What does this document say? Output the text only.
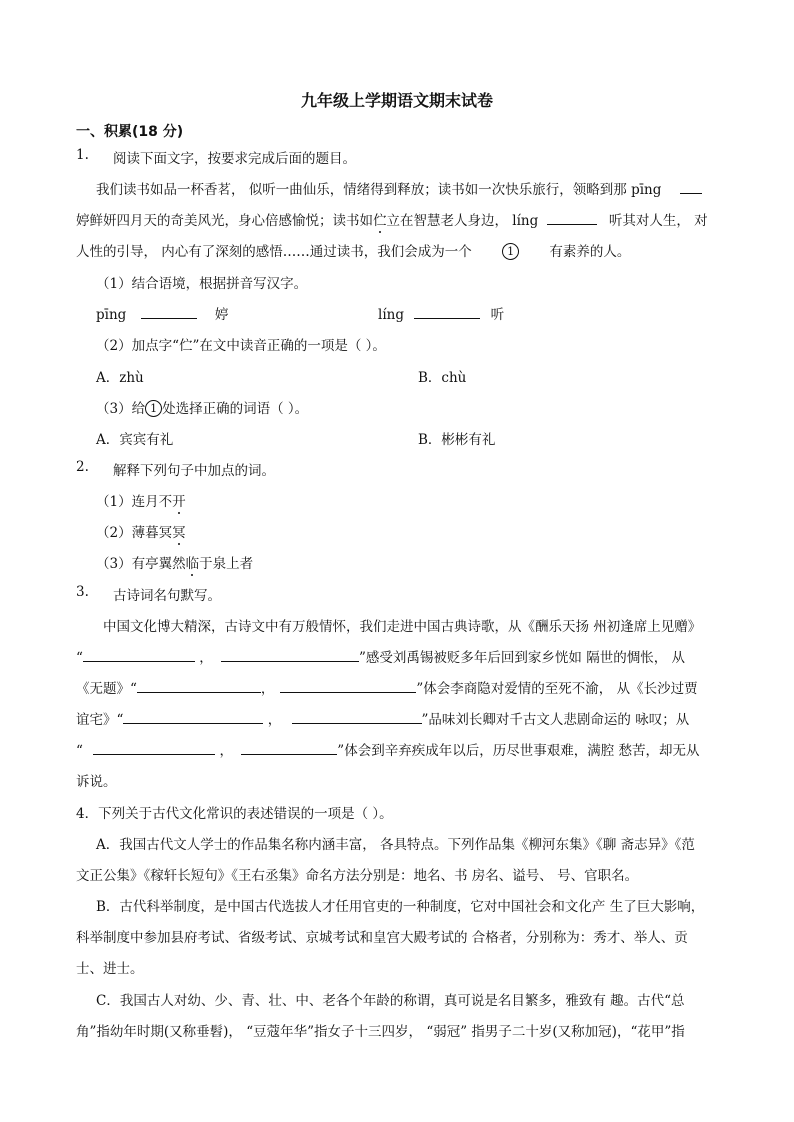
九年级上学期语文期末试卷
一、积累(18 分)
1. 阅读下面文字，按要求完成后面的题目。
我们读书如品一杯香茗， 似听一曲仙乐，情绪得到释放；读书如一次快乐旅行，领略到那 pīng
婷鲜妍四月天的奇美风光，身心倍感愉悦；读书如伫立在智慧老人身边， líng	听其对人生， 对
人性的引导， 内心有了深刻的感悟……通过读书，我们会成为一个	1	有素养的人。
（1）结合语境，根据拼音写汉字。
pīng	婷	líng	听
（2）加点字“伫”在文中读音正确的一项是（ ）。
A．zhù	B．chù
（3）给 1 处选择正确的词语（ ）。
A．宾宾有礼	B．彬彬有礼
2. 解释下列句子中加点的词。
（1）连月不开
（2）薄暮冥冥
（3）有亭翼然临于泉上者
3. 古诗词名句默写。
中国文化博大精深，古诗文中有万般情怀，我们走进中国古典诗歌，从《酬乐天扬 州初逢席上见赠》
“	，	”感受刘禹锡被贬多年后回到家乡恍如 隔世的惆怅， 从
《无题》“	，	”体会李商隐对爱情的至死不渝， 从《长沙过贾
谊宅》“	，	”品味刘长卿对千古文人悲剧命运的 咏叹；从
“	，	”体会到辛弃疾成年以后，历尽世事艰难，满腔 愁苦，却无从
诉说。
4．下列关于古代文化常识的表述错误的一项是（ ）。
A．我国古代文人学士的作品集名称内涵丰富， 各具特点。下列作品集《柳河东集》《聊 斋志异》《范
文正公集》《稼轩长短句》《王右丞集》命名方法分别是：地名、书 房名、谥号、 号、官职名。
B．古代科举制度，是中国古代选拔人才任用官吏的一种制度，它对中国社会和文化产 生了巨大影响，
科举制度中参加县府考试、省级考试、京城考试和皇宫大殿考试的 合格者，分别称为：秀才、举人、贡
士、进士。
C．我国古人对幼、少、青、壮、中、老各个年龄的称谓，真可说是名目繁多，雅致有 趣。古代“总
角”指幼年时期(又称垂髫)， “豆蔻年华”指女子十三四岁， “弱冠” 指男子二十岁(又称加冠)，“花甲”指
